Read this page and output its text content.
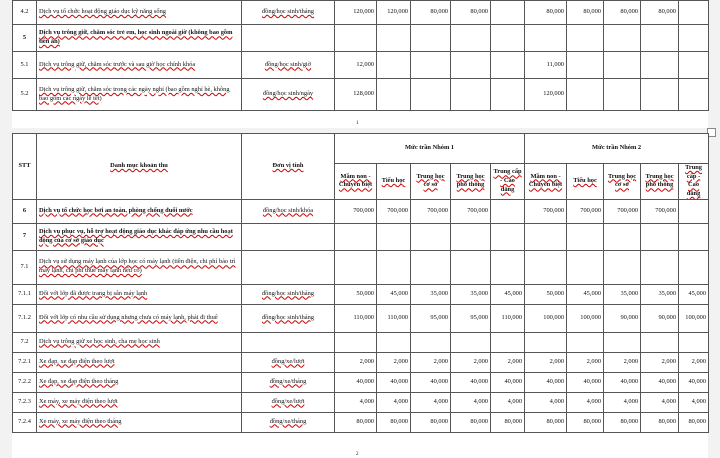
4.2	Dịch vụ tổ chức hoạt động giáo dục kỹ năng sống	đồng/học sinh/tháng	120,000	120,000	80,000	80,000		80,000	80,000	80,000	80,000	
5	Dịch vụ trông giữ, chăm sóc trẻ em, học sinh ngoài giờ (không bao gồm tiền ăn)											
5.1	Dịch vụ trông giữ, chăm sóc trước và sau giờ học chính khóa	đồng/học sinh/giờ	12,000					11,000				
5.2	Dịch vụ trông giữ, chăm sóc trong các ngày nghỉ (bao gồm nghỉ hè, không bao gồm các ngày lễ tết)	đồng/học sinh/ngày	128,000					120,000				
1
STT	Danh mục khoản thu	Đơn vị tính	Mức trần Nhóm 1					Mức trần Nhóm 2				
			Mầm non - Chuyên biệt	Tiểu học	Trung học cơ sở	Trung học phổ thông	Trung cấp - Cao đẳng	Mầm non - Chuyên biệt	Tiểu học	Trung học cơ sở	Trung học phổ thông	Trung cấp - Cao đẳng
6	Dịch vụ tổ chức học bơi an toàn, phòng chống đuối nước	đồng/học sinh/khóa	700,000	700,000	700,000	700,000		700,000	700,000	700,000	700,000	
7	Dịch vụ phục vụ, hỗ trợ hoạt động giáo dục khác đáp ứng nhu cầu hoạt động của cơ sở giáo dục											
7.1	Dịch vụ sử dụng máy lạnh của lớp học có máy lạnh (tiền điện, chi phí bảo trì máy lạnh, chi phí thuê máy lạnh nếu có)											
7.1.1	Đối với lớp đã được trang bị sẵn máy lạnh	đồng/học sinh/tháng	50,000	45,000	35,000	35,000	45,000	50,000	45,000	35,000	35,000	45,000
7.1.2	Đối với lớp có nhu cầu sử dụng nhưng chưa có máy lạnh, phải đi thuê	đồng/học sinh/tháng	110,000	110,000	95,000	95,000	110,000	100,000	100,000	90,000	90,000	100,000
7.2	Dịch vụ trông giữ xe học sinh, cha mẹ học sinh											
7.2.1	Xe đạp, xe đạp điện theo lượt	đồng/xe/lượt	2,000	2,000	2,000	2,000	2,000	2,000	2,000	2,000	2,000	2,000
7.2.2	Xe đạp, xe đạp điện theo tháng	đồng/xe/tháng	40,000	40,000	40,000	40,000	40,000	40,000	40,000	40,000	40,000	40,000
7.2.3	Xe máy, xe máy điện theo lượt	đồng/xe/lượt	4,000	4,000	4,000	4,000	4,000	4,000	4,000	4,000	4,000	4,000
7.2.4	Xe máy, xe máy điện theo tháng	đồng/xe/tháng	80,000	80,000	80,000	80,000	80,000	80,000	80,000	80,000	80,000	80,000
2
